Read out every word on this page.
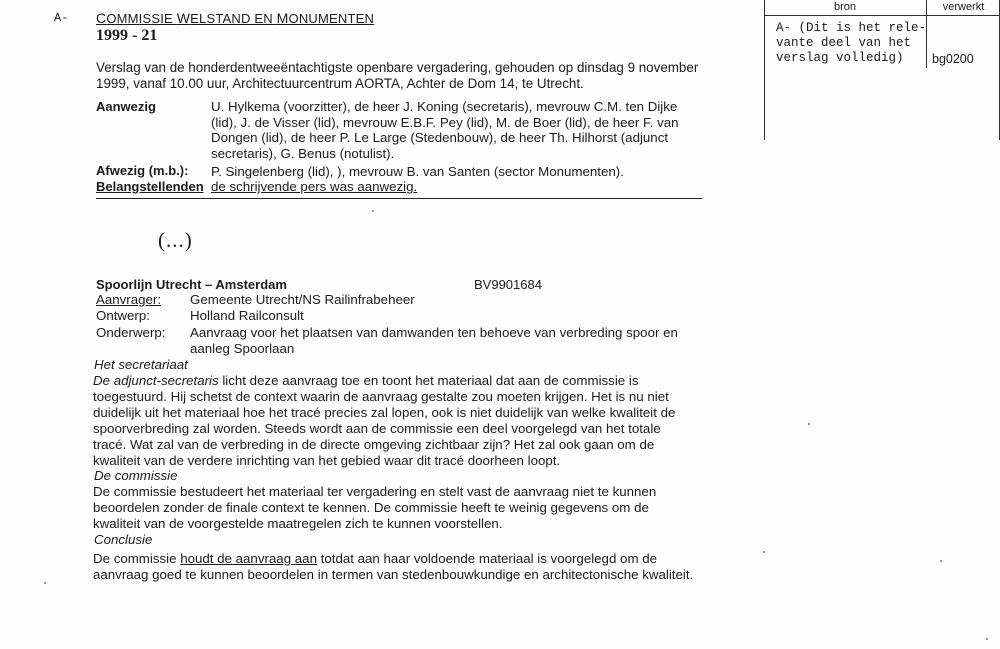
A- COMMISSIE WELSTAND EN MONUMENTEN
1999 - 21
bron	verwerkt
A- (Dit is het rele-
vante deel van het
verslag volledig)	bg0200
Verslag van de honderdentweeëntachtigste openbare vergadering, gehouden op dinsdag 9 november
1999, vanaf 10.00 uur, Architectuurcentrum AORTA, Achter de Dom 14, te Utrecht.
Aanwezig	U. Hylkema (voorzitter), de heer J. Koning (secretaris), mevrouw C.M. ten Dijke
(lid), J. de Visser (lid), mevrouw E.B.F. Pey (lid), M. de Boer (lid), de heer F. van
Dongen (lid), de heer P. Le Large (Stedenbouw), de heer Th. Hilhorst (adjunct
secretaris), G. Benus (notulist).
Afwezig (m.b.): P. Singelenberg (lid), ), mevrouw B. van Santen (sector Monumenten).
Belangstellenden de schrijvende pers was aanwezig.
(...)
Spoorlijn Utrecht – Amsterdam	BV9901684
Aanvrager: Gemeente Utrecht/NS Railinfrabeheer
Ontwerp:	Holland Railconsult
Onderwerp: Aanvraag voor het plaatsen van damwanden ten behoeve van verbreding spoor en
aanleg Spoorlaan
Het secretariaat
De adjunct-secretaris licht deze aanvraag toe en toont het materiaal dat aan de commissie is
toegestuurd. Hij schetst de context waarin de aanvraag gestalte zou moeten krijgen. Het is nu niet
duidelijk uit het materiaal hoe het tracé precies zal lopen, ook is niet duidelijk van welke kwaliteit de
spoorverbreding zal worden. Steeds wordt aan de commissie een deel voorgelegd van het totale
tracé. Wat zal van de verbreding in de directe omgeving zichtbaar zijn? Het zal ook gaan om de
kwaliteit van de verdere inrichting van het gebied waar dit tracé doorheen loopt.
De commissie
De commissie bestudeert het materiaal ter vergadering en stelt vast de aanvraag niet te kunnen
beoordelen zonder de finale context te kennen. De commissie heeft te weinig gegevens om de
kwaliteit van de voorgestelde maatregelen zich te kunnen voorstellen.
Conclusie
De commissie houdt de aanvraag aan totdat aan haar voldoende materiaal is voorgelegd om de
aanvraag goed te kunnen beoordelen in termen van stedenbouwkundige en architectonische kwaliteit.
